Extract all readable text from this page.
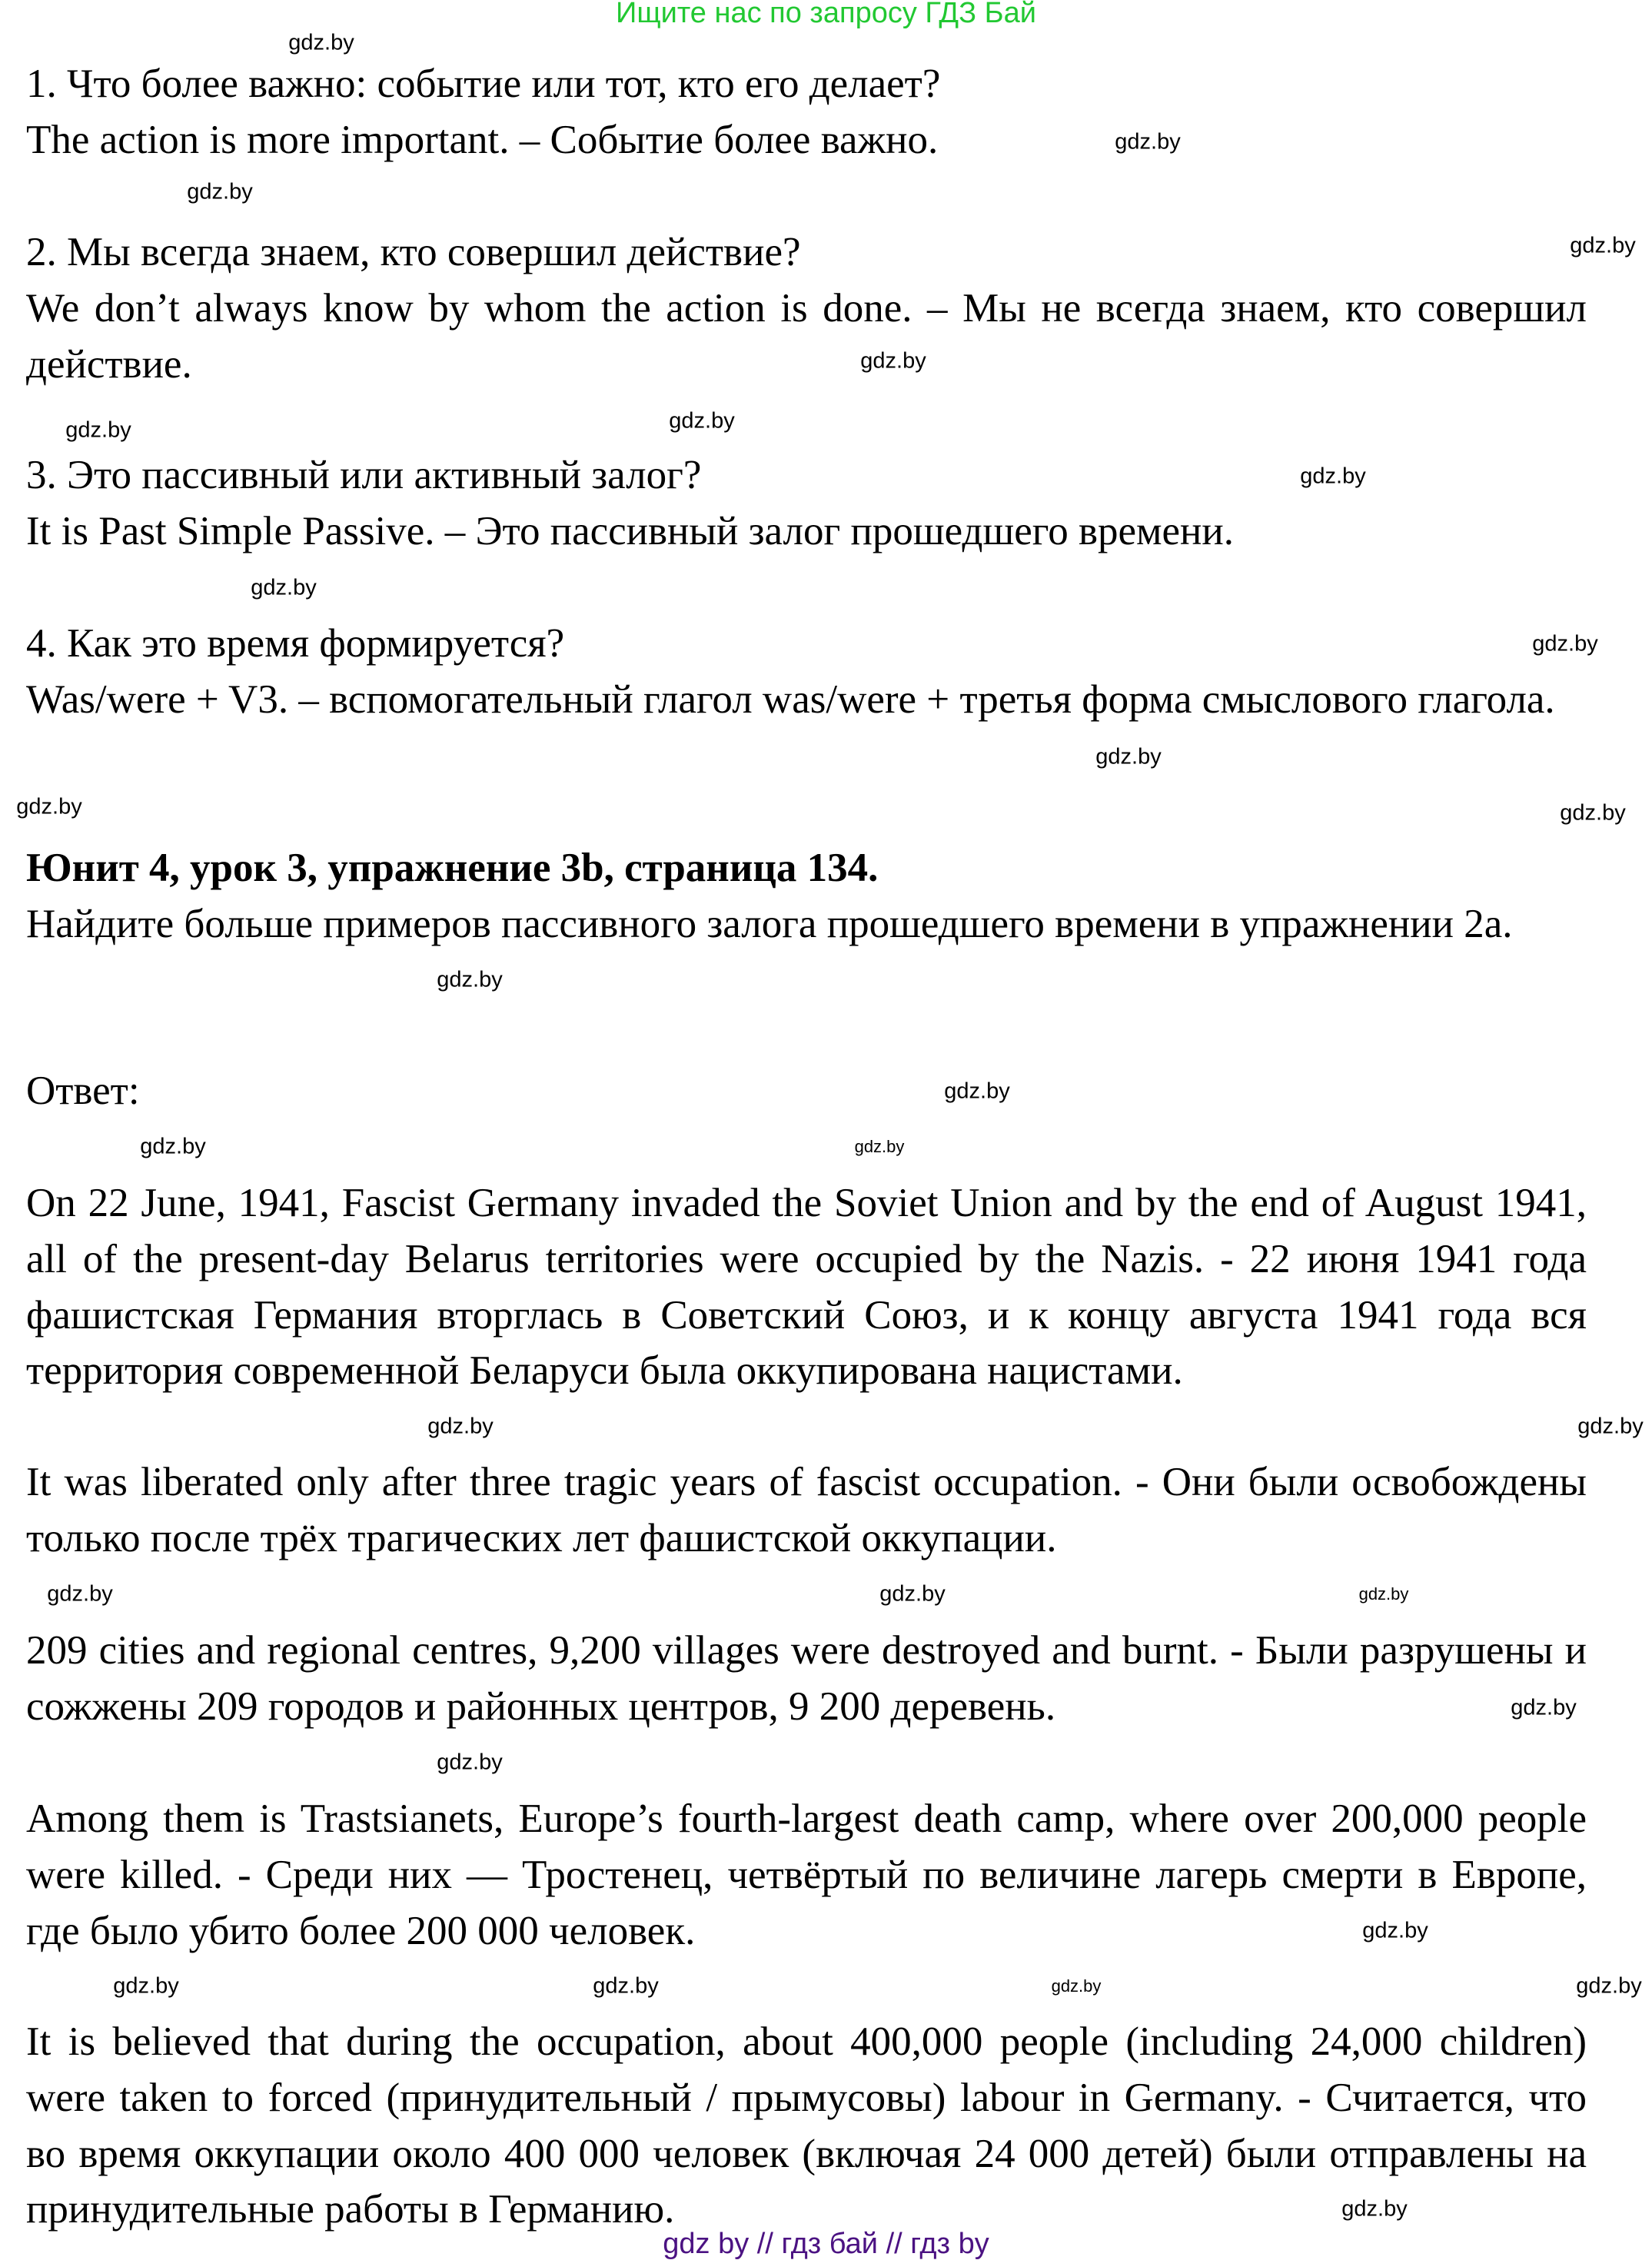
Ищите нас по запросу ГДЗ Бай

1. Что более важно: событие или тот, кто его делает?

The action is more important. – Событие более важно.

2. Мы всегда знаем, кто совершил действие?

We don’t always know by whom the action is done. – Мы не всегда знаем, кто совершил действие.

3. Это пассивный или активный залог?

It is Past Simple Passive. – Это пассивный залог прошедшего времени.

4. Как это время формируется?

Was/were + V3. – вспомогательный глагол was/were + третья форма смыслового глагола.

Юнит 4, урок 3, упражнение 3b, страница 134.

Найдите больше примеров пассивного залога прошедшего времени в упражнении 2a.

Ответ:

On 22 June, 1941, Fascist Germany invaded the Soviet Union and by the end of August 1941, all of the present-day Belarus territories were occupied by the Nazis. - 22 июня 1941 года фашистская Германия вторглась в Советский Союз, и к концу августа 1941 года вся территория современной Беларуси была оккупирована нацистами.

It was liberated only after three tragic years of fascist occupation. - Они были освобождены только после трёх трагических лет фашистской оккупации.

209 cities and regional centres, 9,200 villages were destroyed and burnt. - Были разрушены и сожжены 209 городов и районных центров, 9 200 деревень.

Among them is Trastsianets, Europe’s fourth-largest death camp, where over 200,000 people were killed. - Среди них — Тростенец, четвёртый по величине лагерь смерти в Европе, где было убито более 200 000 человек.

It is believed that during the occupation, about 400,000 people (including 24,000 children) were taken to forced (принудительный / прымусовы) labour in Germany. - Считается, что во время оккупации около 400 000 человек (включая 24 000 детей) были отправлены на принудительные работы в Германию.

gdz.by
gdz.by
gdz.by
gdz.by
gdz.by
gdz.by
gdz.by
gdz.by
gdz.by
gdz.by
gdz.by
gdz.by	gdz.by
gdz.by
gdz.by
gdz.by	gdz.by
gdz.by
gdz.by
gdz.by
gdz.by	gdz.by
gdz.by
gdz.by
gdz.by
gdz.by	gdz.by	gdz.by
gdz.by
gdz.by
gdz by // гдз бай // гдз by
